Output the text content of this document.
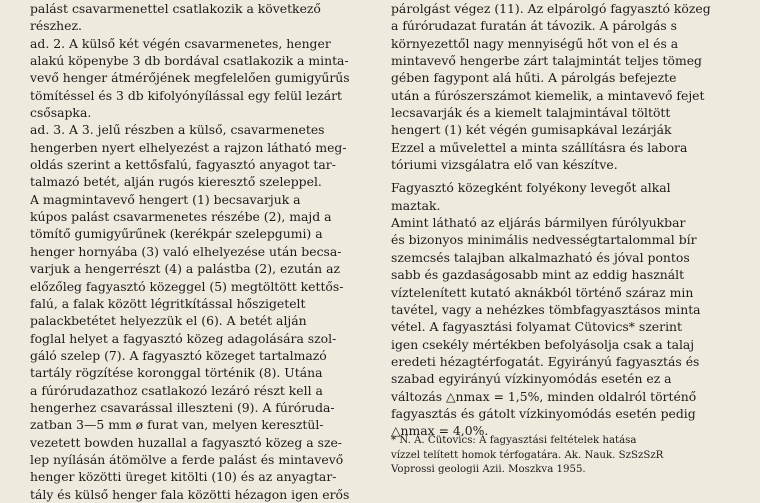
palást csavarmenettel csatlakozik a következő
részhez.
ad. 2. A külső két végén csavarmenetes, henger
alakú köpenybe 3 db bordával csatlakozik a minta-
vevő henger átmérőjének megfelelően gumigyűrűs
tömítéssel és 3 db kifolyónyílással egy felül lezárt
csősapka.
ad. 3. A 3. jelű részben a külső, csavarmenetes
hengerben nyert elhelyezést a rajzon látható meg-
oldás szerint a kettősfalú, fagyasztó anyagot tar-
talmazó betét, alján rugós kieresztő szeleppel.
A magmintavevő hengert (1) becsavarjuk a
kúpos palást csavarmenetes részébe (2), majd a
tömítő gumigyűrűnek (kerékpár szelepgumi) a
henger hornyába (3) való elhelyezése után becsa-
varjuk a hengerrészt (4) a palástba (2), ezután az
előzőleg fagyasztó közeggel (5) megtöltött kettős-
falú, a falak között légritkítással hőszigetelt
palackbetétet helyezzük el (6). A betét alján
foglal helyet a fagyasztó közeg adagolására szol-
gáló szelep (7). A fagyasztó közeget tartalmazó
tartály rögzítése koronggal történik (8). Utána
a fúrórudazathoz csatlakozó lezáró részt kell a
hengerhez csavarással illeszteni (9). A fúróruda-
zatban 3—5 mm ø furat van, melyen keresztül-
vezetett bowden huzallal a fagyasztó közeg a sze-
lep nyílásán átömölve a ferde palást és mintavevő
henger közötti üreget kitölti (10) és az anyagtar-
tály és külső henger fala közötti hézagon igen erős
párolgást végez (11). Az elpárolgó fagyasztó közeg
a fúrórudazat furatán át távozik. A párolgás s
környezettől nagy mennyiségű hőt von el és a
mintavevő hengerbe zárt talajmintát teljes tömeg
gében fagypont alá hűti. A párolgás befejezte
után a fúrószerszámot kiemelik, a mintavevő fejet
lecsavarják és a kiemelt talajmintával töltött
hengert (1) két végén gumisapkával lezárják
Ezzel a művelettel a minta szállításra és labora
tóriumi vizsgálatra elő van készítve.
Fagyasztó közegként folyékony levegőt alkal
maztak.
Amint látható az eljárás bármilyen fúrólyukbar
és bizonyos minimális nedvességtartalommal bír
szemcsés talajban alkalmazható és jóval pontos
sabb és gazdaságosabb mint az eddig használt
víztelenített kutató aknákból történő száraz min
tavétel, vagy a nehézkes tömbfagyasztásos minta
vétel. A fagyasztási folyamat Cütovics* szerint
igen csekély mértékben befolyásolja csak a talaj
eredeti hézagtérfogatát. Egyirányú fagyasztás és
szabad egyirányú vízkinyomódás esetén ez a
változás △nmax = 1,5%, minden oldalról történő
fagyasztás és gátolt vízkinyomódás esetén pedig
△nmax = 4,0%.
* N. A. Cütovics: A fagyasztási feltételek hatása
vízzel telített homok térfogatára. Ak. Nauk. SzSzSzR
Voprossi geologii Azii. Moszkva 1955.
